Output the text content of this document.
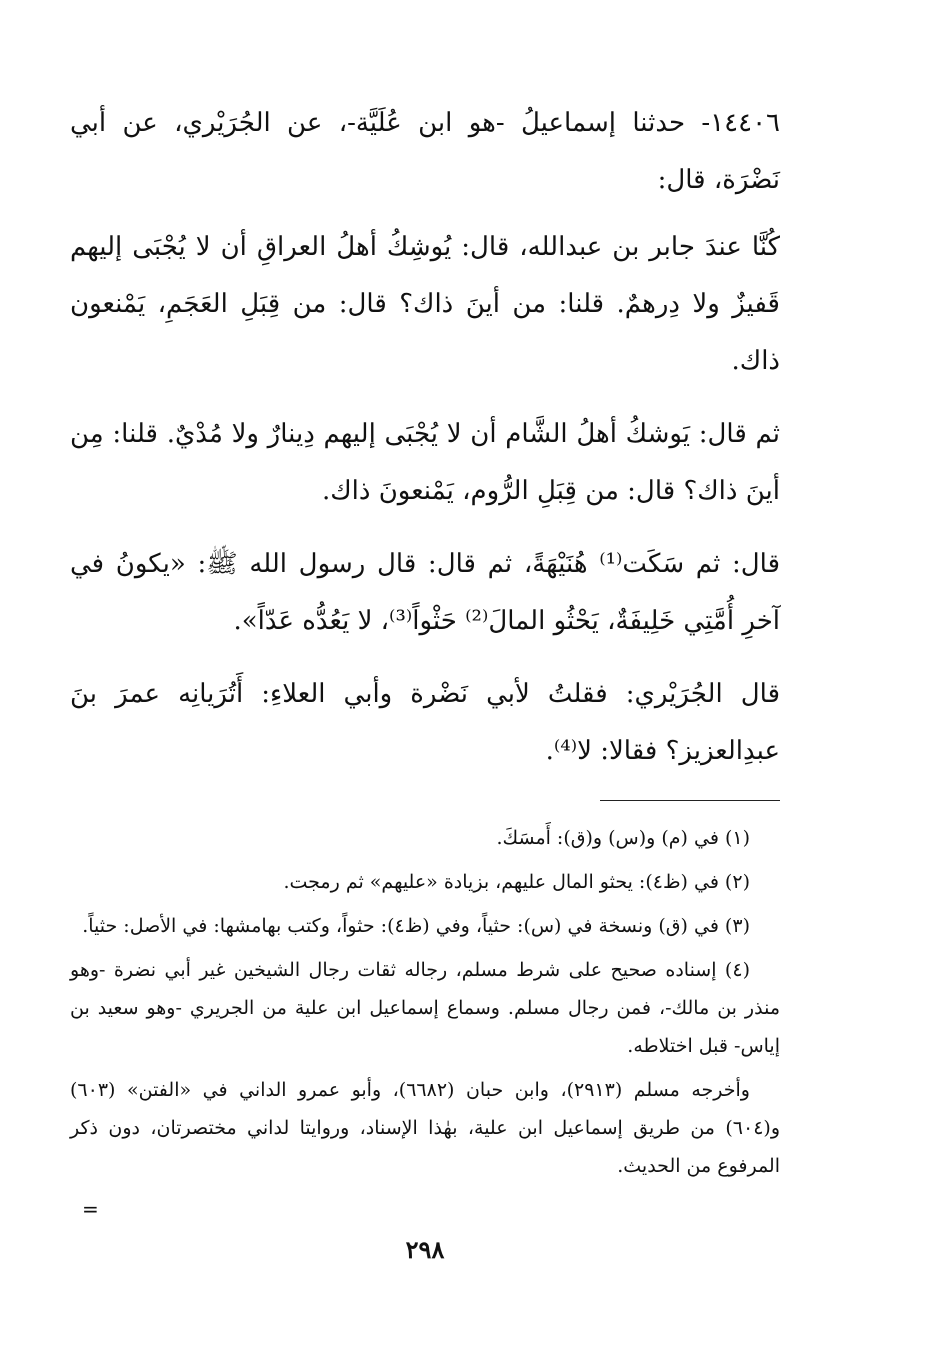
١٤٤٠٦- حدثنا إسماعيلُ -هو ابن عُلَيَّة-، عن الجُرَيْري، عن أبي نَضْرَة، قال:

كُنَّا عندَ جابر بن عبدالله، قال: يُوشِكُ أهلُ العراقِ أن لا يُجْبَى إليهم قَفيزٌ ولا دِرهمٌ. قلنا: من أينَ ذاك؟ قال: من قِبَلِ العَجَمِ، يَمْنعون ذاك.

ثم قال: يَوشكُ أهلُ الشَّام أن لا يُجْبَى إليهم دِينارٌ ولا مُدْيٌ. قلنا: مِن أينَ ذاك؟ قال: من قِبَلِ الرُّوم، يَمْنعونَ ذاك.

قال: ثم سَكَت⁽¹⁾ هُنَيْهَةً، ثم قال: قال رسول الله ﷺ: «يكونُ في آخرِ أُمَّتِي خَلِيفَةٌ، يَحْثُو المالَ⁽²⁾ حَثْواً⁽³⁾، لا يَعُدُّه عَدّاً».

قال الجُرَيْري: فقلتُ لأبي نَضْرة وأبي العلاءِ: أَتُرَيانِه عمرَ بنَ عبدِالعزيز؟ فقالا: لا⁽⁴⁾.

(١) في (م) و(س) و(ق): أَمسَكَ.

(٢) في (ظ٤): يحثو المال عليهم، بزيادة «عليهم» ثم رمجت.

(٣) في (ق) ونسخة في (س): حثياً، وفي (ظ٤): حثواً، وكتب بهامشها: في الأصل: حثياً.

(٤) إسناده صحيح على شرط مسلم، رجاله ثقات رجال الشيخين غير أبي نضرة -وهو منذر بن مالك-، فمن رجال مسلم. وسماع إسماعيل ابن علية من الجريري -وهو سعيد بن إياس- قبل اختلاطه.

وأخرجه مسلم (٢٩١٣)، وابن حبان (٦٦٨٢)، وأبو عمرو الداني في «الفتن» (٦٠٣) و(٦٠٤) من طريق إسماعيل ابن علية، بهٰذا الإسناد، وروايتا لداني مختصرتان، دون ذكر المرفوع من الحديث.

=
٢٩٨
